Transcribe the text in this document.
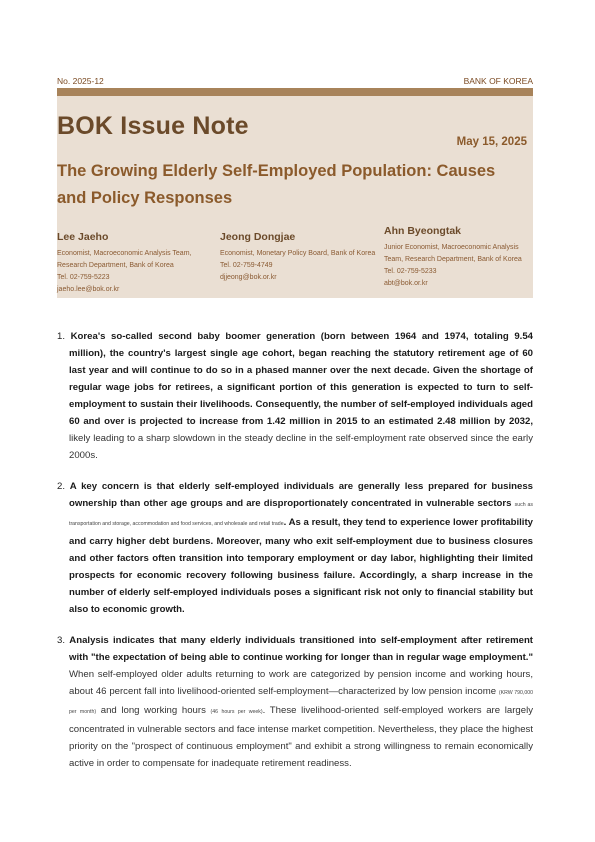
No. 2025-12	BANK OF KOREA
BOK Issue Note
May 15, 2025
The Growing Elderly Self-Employed Population: Causes and Policy Responses
Lee Jaeho
Economist, Macroeconomic Analysis Team, Research Department, Bank of Korea
Tel. 02-759-5223
jaeho.lee@bok.or.kr
Jeong Dongjae
Economist, Monetary Policy Board, Bank of Korea
Tel. 02-759-4749
djjeong@bok.or.kr
Ahn Byeongtak
Junior Economist, Macroeconomic Analysis Team, Research Department, Bank of Korea
Tel. 02-759-5233
abt@bok.or.kr

1. Korea's so-called second baby boomer generation (born between 1964 and 1974, totaling 9.54 million), the country's largest single age cohort, began reaching the statutory retirement age of 60 last year and will continue to do so in a phased manner over the next decade. Given the shortage of regular wage jobs for retirees, a significant portion of this generation is expected to turn to self-employment to sustain their livelihoods. Consequently, the number of self-employed individuals aged 60 and over is projected to increase from 1.42 million in 2015 to an estimated 2.48 million by 2032, likely leading to a sharp slowdown in the steady decline in the self-employment rate observed since the early 2000s.

2. A key concern is that elderly self-employed individuals are generally less prepared for business ownership than other age groups and are disproportionately concentrated in vulnerable sectors such as transportation and storage, accommodation and food services, and wholesale and retail trade. As a result, they tend to experience lower profitability and carry higher debt burdens. Moreover, many who exit self-employment due to business closures and other factors often transition into temporary employment or day labor, highlighting their limited prospects for economic recovery following business failure. Accordingly, a sharp increase in the number of elderly self-employed individuals poses a significant risk not only to financial stability but also to economic growth.

3. Analysis indicates that many elderly individuals transitioned into self-employment after retirement with "the expectation of being able to continue working for longer than in regular wage employment." When self-employed older adults returning to work are categorized by pension income and working hours, about 46 percent fall into livelihood-oriented self-employment—characterized by low pension income (KRW 790,000 per month) and long working hours (46 hours per week). These livelihood-oriented self-employed workers are largely concentrated in vulnerable sectors and face intense market competition. Nevertheless, they place the highest priority on the "prospect of continuous employment" and exhibit a strong willingness to remain economically active in order to compensate for inadequate retirement readiness.
